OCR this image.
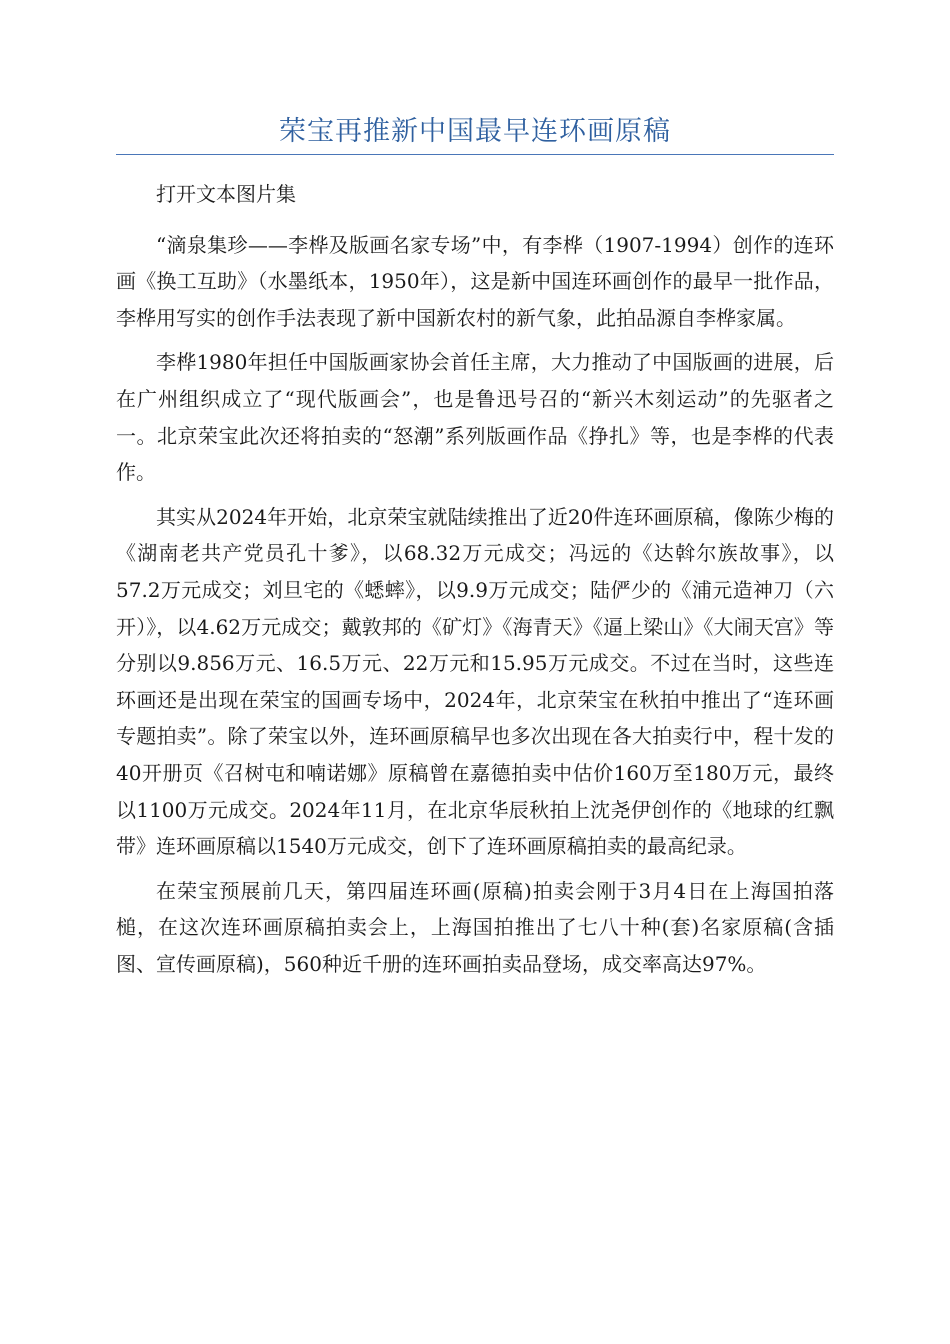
荣宝再推新中国最早连环画原稿

打开文本图片集

“滴泉集珍——李桦及版画名家专场”中，有李桦（1907-1994）创作的连环画《换工互助》（水墨纸本，1950年），这是新中国连环画创作的最早一批作品，李桦用写实的创作手法表现了新中国新农村的新气象，此拍品源自李桦家属。

李桦1980年担任中国版画家协会首任主席，大力推动了中国版画的进展，后在广州组织成立了“现代版画会”，也是鲁迅号召的“新兴木刻运动”的先驱者之一。北京荣宝此次还将拍卖的“怒潮”系列版画作品《挣扎》等，也是李桦的代表作。

其实从2024年开始，北京荣宝就陆续推出了近20件连环画原稿，像陈少梅的《湖南老共产党员孔十爹》，以68.32万元成交；冯远的《达斡尔族故事》，以57.2万元成交；刘旦宅的《蟋蟀》，以9.9万元成交；陆俨少的《浦元造神刀（六开）》，以4.62万元成交；戴敦邦的《矿灯》《海青天》《逼上梁山》《大闹天宫》等分别以9.856万元、16.5万元、22万元和15.95万元成交。不过在当时，这些连环画还是出现在荣宝的国画专场中，2024年，北京荣宝在秋拍中推出了“连环画专题拍卖”。除了荣宝以外，连环画原稿早也多次出现在各大拍卖行中，程十发的40开册页《召树屯和喃诺娜》原稿曾在嘉德拍卖中估价160万至180万元，最终以1100万元成交。2024年11月，在北京华辰秋拍上沈尧伊创作的《地球的红飘带》连环画原稿以1540万元成交，创下了连环画原稿拍卖的最高纪录。

在荣宝预展前几天，第四届连环画(原稿)拍卖会刚于3月4日在上海国拍落槌，在这次连环画原稿拍卖会上，上海国拍推出了七八十种(套)名家原稿(含插图、宣传画原稿)，560种近千册的连环画拍卖品登场，成交率高达97%。
